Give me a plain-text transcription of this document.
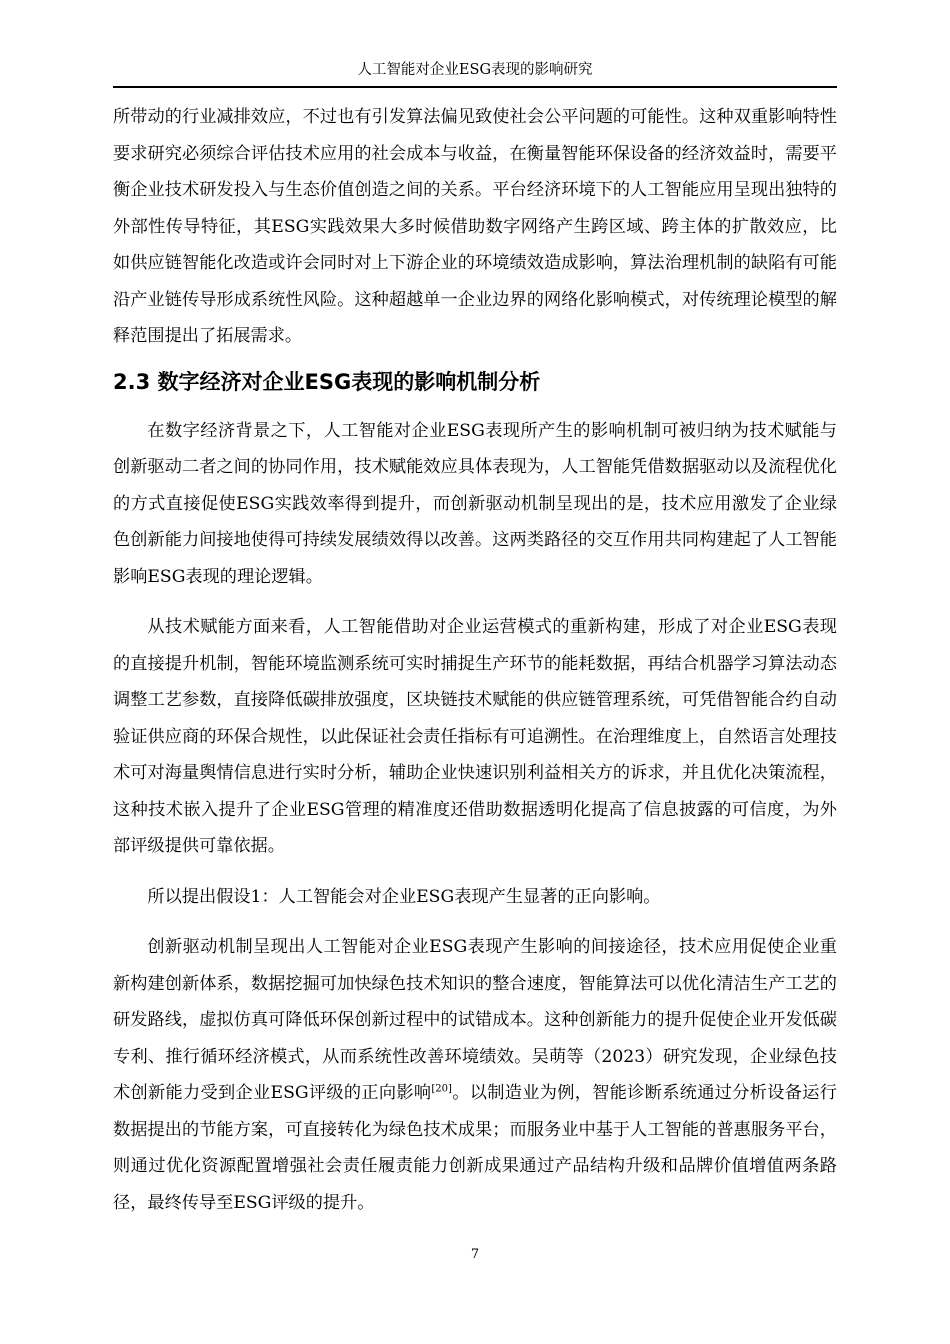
人工智能对企业ESG表现的影响研究

所带动的行业减排效应，不过也有引发算法偏见致使社会公平问题的可能性。这种双重影响特性要求研究必须综合评估技术应用的社会成本与收益，在衡量智能环保设备的经济效益时，需要平衡企业技术研发投入与生态价值创造之间的关系。平台经济环境下的人工智能应用呈现出独特的外部性传导特征，其ESG实践效果大多时候借助数字网络产生跨区域、跨主体的扩散效应，比如供应链智能化改造或许会同时对上下游企业的环境绩效造成影响，算法治理机制的缺陷有可能沿产业链传导形成系统性风险。这种超越单一企业边界的网络化影响模式，对传统理论模型的解释范围提出了拓展需求。

2.3 数字经济对企业ESG表现的影响机制分析

在数字经济背景之下，人工智能对企业ESG表现所产生的影响机制可被归纳为技术赋能与创新驱动二者之间的协同作用，技术赋能效应具体表现为，人工智能凭借数据驱动以及流程优化的方式直接促使ESG实践效率得到提升，而创新驱动机制呈现出的是，技术应用激发了企业绿色创新能力间接地使得可持续发展绩效得以改善。这两类路径的交互作用共同构建起了人工智能影响ESG表现的理论逻辑。

从技术赋能方面来看，人工智能借助对企业运营模式的重新构建，形成了对企业ESG表现的直接提升机制，智能环境监测系统可实时捕捉生产环节的能耗数据，再结合机器学习算法动态调整工艺参数，直接降低碳排放强度，区块链技术赋能的供应链管理系统，可凭借智能合约自动验证供应商的环保合规性，以此保证社会责任指标有可追溯性。在治理维度上，自然语言处理技术可对海量舆情信息进行实时分析，辅助企业快速识别利益相关方的诉求，并且优化决策流程，这种技术嵌入提升了企业ESG管理的精准度还借助数据透明化提高了信息披露的可信度，为外部评级提供可靠依据。

所以提出假设1：人工智能会对企业ESG表现产生显著的正向影响。

创新驱动机制呈现出人工智能对企业ESG表现产生影响的间接途径，技术应用促使企业重新构建创新体系，数据挖掘可加快绿色技术知识的整合速度，智能算法可以优化清洁生产工艺的研发路线，虚拟仿真可降低环保创新过程中的试错成本。这种创新能力的提升促使企业开发低碳专利、推行循环经济模式，从而系统性改善环境绩效。吴萌等（2023）研究发现，企业绿色技术创新能力受到企业ESG评级的正向影响[20]。以制造业为例，智能诊断系统通过分析设备运行数据提出的节能方案，可直接转化为绿色技术成果；而服务业中基于人工智能的普惠服务平台，则通过优化资源配置增强社会责任履责能力创新成果通过产品结构升级和品牌价值增值两条路径，最终传导至ESG评级的提升。

7
